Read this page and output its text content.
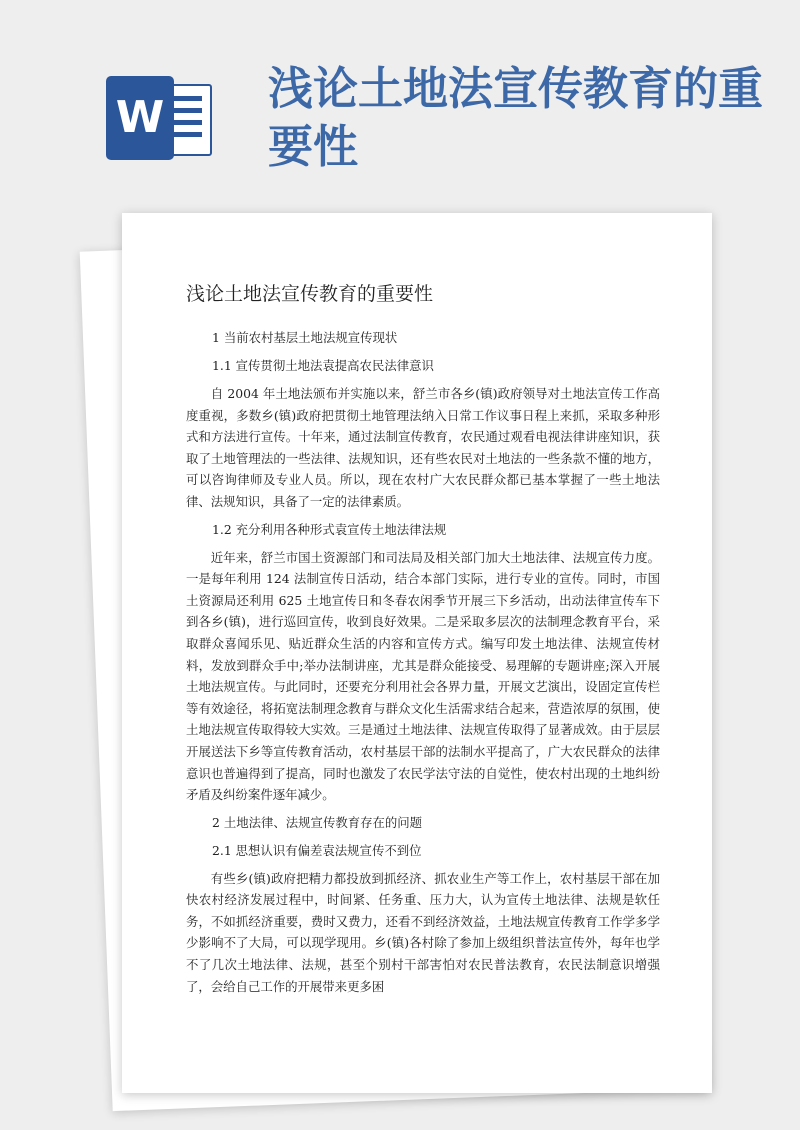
W
浅论土地法宣传教育的重要性
浅论土地法宣传教育的重要性
1 当前农村基层土地法规宣传现状
1.1 宣传贯彻土地法袁提高农民法律意识

自 2004 年土地法颁布并实施以来，舒兰市各乡(镇)政府领导对土地法宣传工作高度重视，多数乡(镇)政府把贯彻土地管理法纳入日常工作议事日程上来抓，采取多种形式和方法进行宣传。十年来，通过法制宣传教育，农民通过观看电视法律讲座知识，获取了土地管理法的一些法律、法规知识，还有些农民对土地法的一些条款不懂的地方，可以咨询律师及专业人员。所以，现在农村广大农民群众都已基本掌握了一些土地法律、法规知识，具备了一定的法律素质。

1.2 充分利用各种形式袁宣传土地法律法规

近年来，舒兰市国土资源部门和司法局及相关部门加大土地法律、法规宣传力度。一是每年利用 124 法制宣传日活动，结合本部门实际，进行专业的宣传。同时，市国土资源局还利用 625 土地宣传日和冬春农闲季节开展三下乡活动，出动法律宣传车下到各乡(镇)，进行巡回宣传，收到良好效果。二是采取多层次的法制理念教育平台，采取群众喜闻乐见、贴近群众生活的内容和宣传方式。编写印发土地法律、法规宣传材料，发放到群众手中;举办法制讲座，尤其是群众能接受、易理解的专题讲座;深入开展土地法规宣传。与此同时，还要充分利用社会各界力量，开展文艺演出，设固定宣传栏等有效途径，将拓宽法制理念教育与群众文化生活需求结合起来，营造浓厚的氛围，使土地法规宣传取得较大实效。三是通过土地法律、法规宣传取得了显著成效。由于层层开展送法下乡等宣传教育活动，农村基层干部的法制水平提高了，广大农民群众的法律意识也普遍得到了提高，同时也激发了农民学法守法的自觉性，使农村出现的土地纠纷矛盾及纠纷案件逐年减少。

2 土地法律、法规宣传教育存在的问题
2.1 思想认识有偏差袁法规宣传不到位

有些乡(镇)政府把精力都投放到抓经济、抓农业生产等工作上，农村基层干部在加快农村经济发展过程中，时间紧、任务重、压力大，认为宣传土地法律、法规是软任务，不如抓经济重要，费时又费力，还看不到经济效益，土地法规宣传教育工作学多学少影响不了大局，可以现学现用。乡(镇)各村除了参加上级组织普法宣传外，每年也学不了几次土地法律、法规，甚至个别村干部害怕对农民普法教育，农民法制意识增强了，会给自己工作的开展带来更多困
